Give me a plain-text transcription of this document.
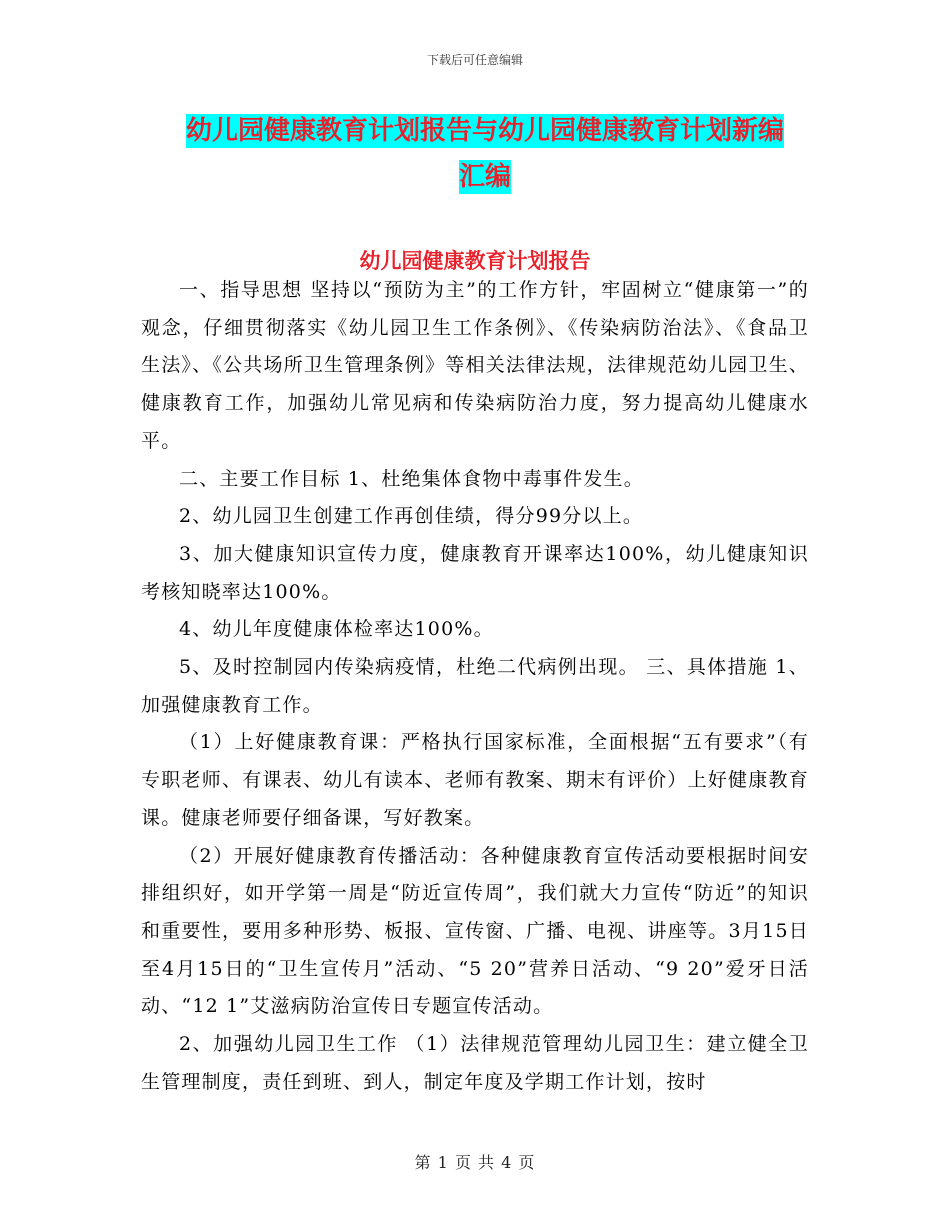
下载后可任意编辑
幼儿园健康教育计划报告与幼儿园健康教育计划新编
汇编
幼儿园健康教育计划报告

一、指导思想 坚持以“预防为主”的工作方针，牢固树立“健康第一”的观念，仔细贯彻落实《幼儿园卫生工作条例》、《传染病防治法》、《食品卫生法》、《公共场所卫生管理条例》等相关法律法规，法律规范幼儿园卫生、健康教育工作，加强幼儿常见病和传染病防治力度，努力提高幼儿健康水平。

二、主要工作目标 1、杜绝集体食物中毒事件发生。

2、幼儿园卫生创建工作再创佳绩，得分99分以上。

3、加大健康知识宣传力度，健康教育开课率达100%，幼儿健康知识考核知晓率达100%。

4、幼儿年度健康体检率达100%。

5、及时控制园内传染病疫情，杜绝二代病例出现。 三、具体措施 1、加强健康教育工作。

（1）上好健康教育课：严格执行国家标准，全面根据“五有要求”（有专职老师、有课表、幼儿有读本、老师有教案、期末有评价）上好健康教育课。健康老师要仔细备课，写好教案。

（2）开展好健康教育传播活动：各种健康教育宣传活动要根据时间安排组织好，如开学第一周是“防近宣传周”，我们就大力宣传“防近”的知识和重要性，要用多种形势、板报、宣传窗、广播、电视、讲座等。3月15日至4月15日的“卫生宣传月”活动、“5 20”营养日活动、“9 20”爱牙日活动、“12 1”艾滋病防治宣传日专题宣传活动。

2、加强幼儿园卫生工作 （1）法律规范管理幼儿园卫生：建立健全卫生管理制度，责任到班、到人，制定年度及学期工作计划，按时

第 1 页 共 4 页
